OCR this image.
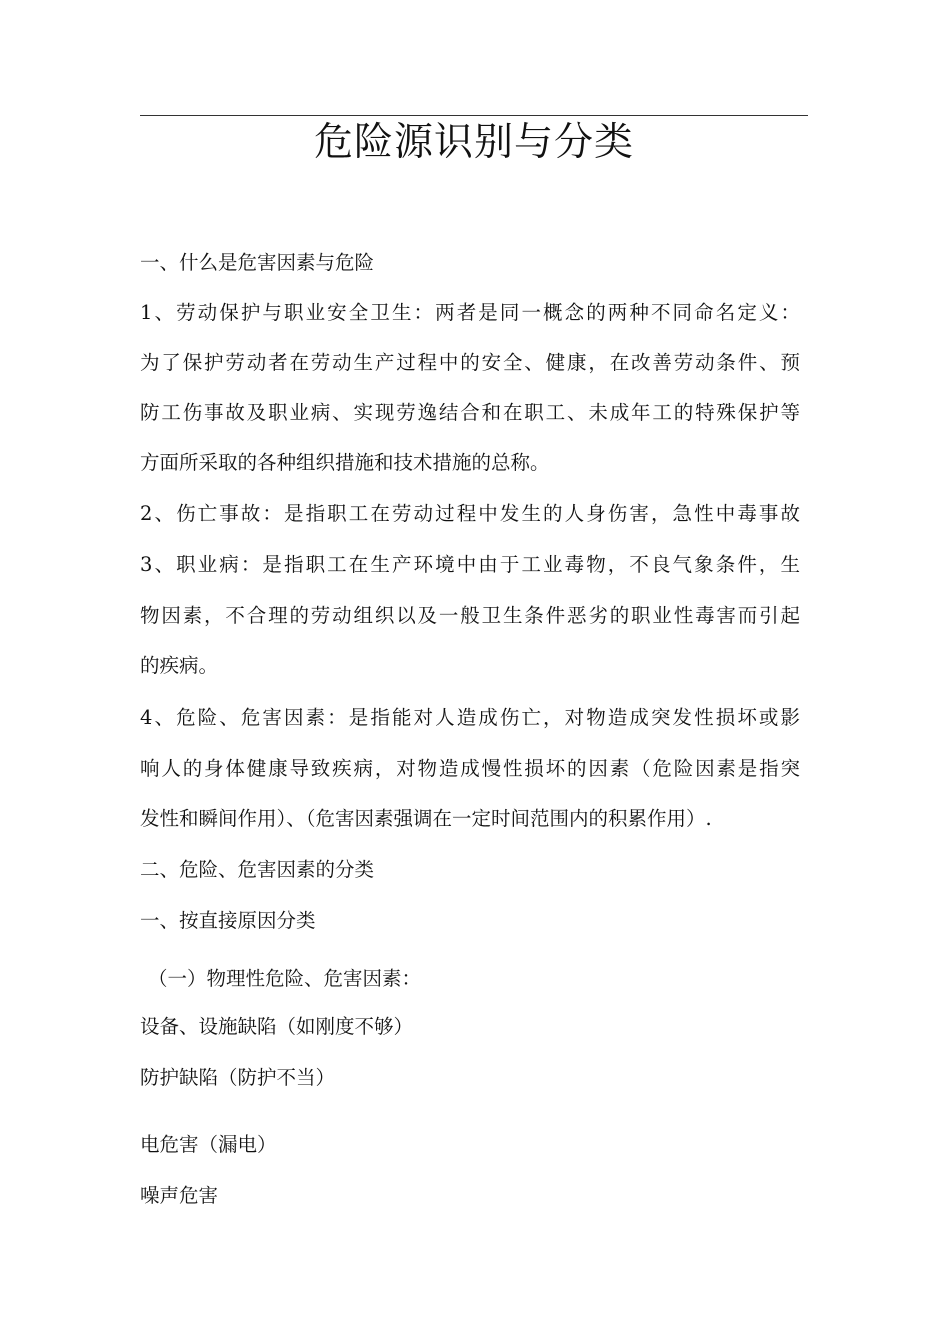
危险源识别与分类
一、什么是危害因素与危险
1、劳动保护与职业安全卫生：两者是同一概念的两种不同命名定义：
为了保护劳动者在劳动生产过程中的安全、健康，在改善劳动条件、预
防工伤事故及职业病、实现劳逸结合和在职工、未成年工的特殊保护等
方面所采取的各种组织措施和技术措施的总称。
2、伤亡事故：是指职工在劳动过程中发生的人身伤害，急性中毒事故
3、职业病：是指职工在生产环境中由于工业毒物，不良气象条件，生
物因素，不合理的劳动组织以及一般卫生条件恶劣的职业性毒害而引起
的疾病。
4、危险、危害因素：是指能对人造成伤亡，对物造成突发性损坏或影
响人的身体健康导致疾病，对物造成慢性损坏的因素（危险因素是指突
发性和瞬间作用）、（危害因素强调在一定时间范围内的积累作用）.
二、危险、危害因素的分类
一、按直接原因分类
（一）物理性危险、危害因素：
设备、设施缺陷（如刚度不够）
防护缺陷（防护不当）
电危害（漏电）
噪声危害
